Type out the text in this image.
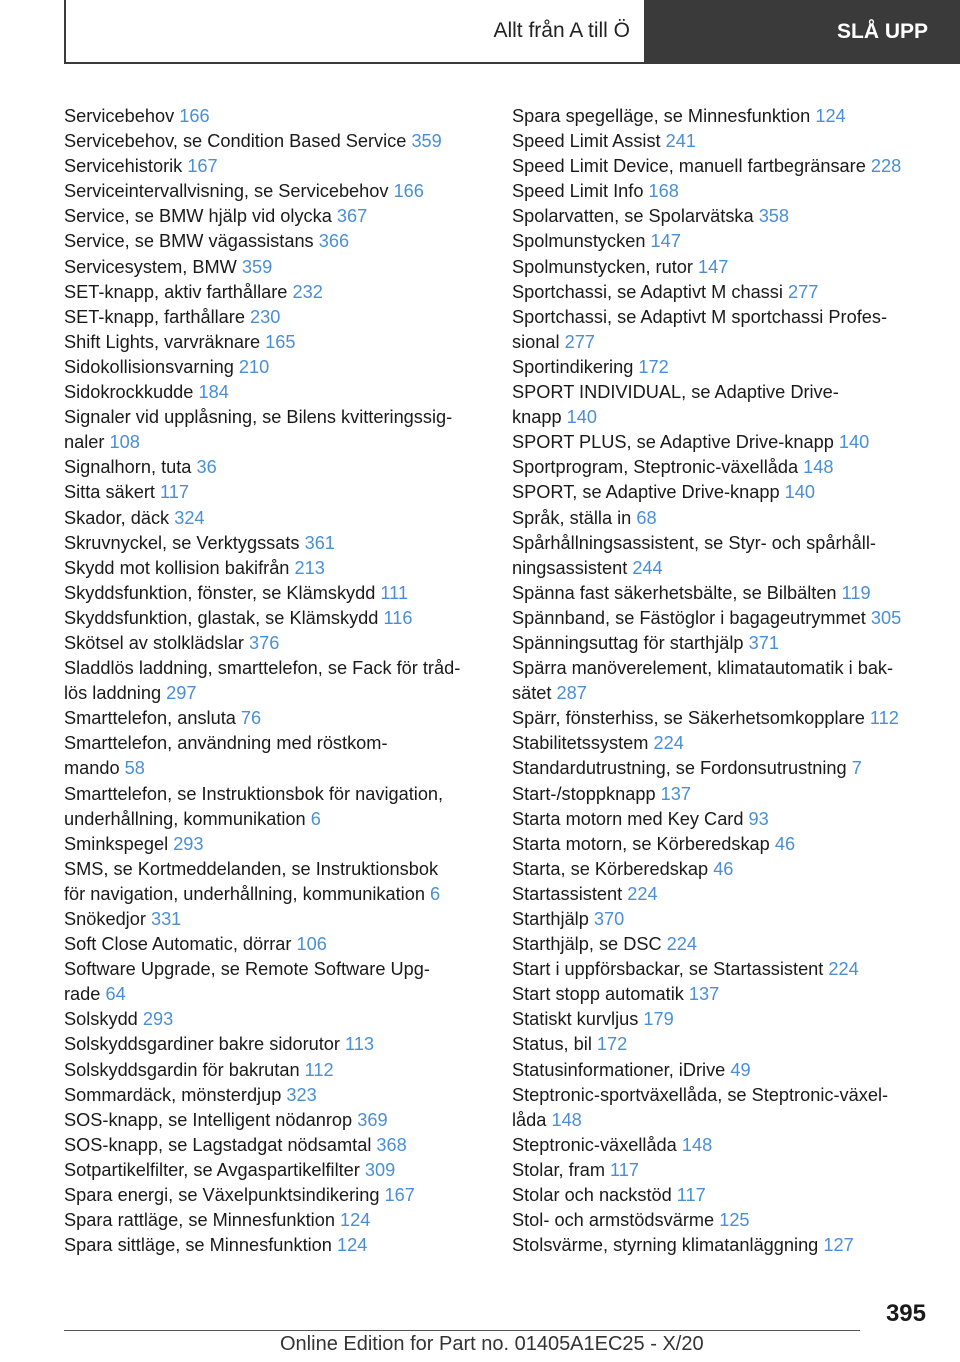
Allt från A till Ö	SLÅ UPP
Servicebehov 166
Servicebehov, se Condition Based Service 359
Servicehistorik 167
Serviceintervallvisning, se Servicebehov 166
Service, se BMW hjälp vid olycka 367
Service, se BMW vägassistans 366
Servicesystem, BMW 359
SET-knapp, aktiv farthållare 232
SET-knapp, farthållare 230
Shift Lights, varvräknare 165
Sidokollisionsvarning 210
Sidokrockkudde 184
Signaler vid upplåsning, se Bilens kvitteringssig-
naler 108
Signalhorn, tuta 36
Sitta säkert 117
Skador, däck 324
Skruvnyckel, se Verktygssats 361
Skydd mot kollision bakifrån 213
Skyddsfunktion, fönster, se Klämskydd 111
Skyddsfunktion, glastak, se Klämskydd 116
Skötsel av stolklädslar 376
Sladdlös laddning, smarttelefon, se Fack för tråd-
lös laddning 297
Smarttelefon, ansluta 76
Smarttelefon, användning med röstkom-
mando 58
Smarttelefon, se Instruktionsbok för navigation,
underhållning, kommunikation 6
Sminkspegel 293
SMS, se Kortmeddelanden, se Instruktionsbok
för navigation, underhållning, kommunikation 6
Snökedjor 331
Soft Close Automatic, dörrar 106
Software Upgrade, se Remote Software Upg-
rade 64
Solskydd 293
Solskyddsgardiner bakre sidorutor 113
Solskyddsgardin för bakrutan 112
Sommardäck, mönsterdjup 323
SOS-knapp, se Intelligent nödanrop 369
SOS-knapp, se Lagstadgat nödsamtal 368
Sotpartikelfilter, se Avgaspartikelfilter 309
Spara energi, se Växelpunktsindikering 167
Spara rattläge, se Minnesfunktion 124
Spara sittläge, se Minnesfunktion 124
Spara spegelläge, se Minnesfunktion 124
Speed Limit Assist 241
Speed Limit Device, manuell fartbegränsare 228
Speed Limit Info 168
Spolarvatten, se Spolarvätska 358
Spolmunstycken 147
Spolmunstycken, rutor 147
Sportchassi, se Adaptivt M chassi 277
Sportchassi, se Adaptivt M sportchassi Profes-
sional 277
Sportindikering 172
SPORT INDIVIDUAL, se Adaptive Drive-
knapp 140
SPORT PLUS, se Adaptive Drive-knapp 140
Sportprogram, Steptronic-växellåda 148
SPORT, se Adaptive Drive-knapp 140
Språk, ställa in 68
Spårhållningsassistent, se Styr- och spårhåll-
ningsassistent 244
Spänna fast säkerhetsbälte, se Bilbälten 119
Spännband, se Fästöglor i bagageutrymmet 305
Spänningsuttag för starthjälp 371
Spärra manöverelement, klimatautomatik i bak-
sätet 287
Spärr, fönsterhiss, se Säkerhetsomkopplare 112
Stabilitetssystem 224
Standardutrustning, se Fordonsutrustning 7
Start-/stoppknapp 137
Starta motorn med Key Card 93
Starta motorn, se Körberedskap 46
Starta, se Körberedskap 46
Startassistent 224
Starthjälp 370
Starthjälp, se DSC 224
Start i uppförsbackar, se Startassistent 224
Start stopp automatik 137
Statiskt kurvljus 179
Status, bil 172
Statusinformationer, iDrive 49
Steptronic-sportväxellåda, se Steptronic-växel-
låda 148
Steptronic-växellåda 148
Stolar, fram 117
Stolar och nackstöd 117
Stol- och armstödsvärme 125
Stolsvärme, styrning klimatanläggning 127
395
Online Edition for Part no. 01405A1EC25 - X/20
